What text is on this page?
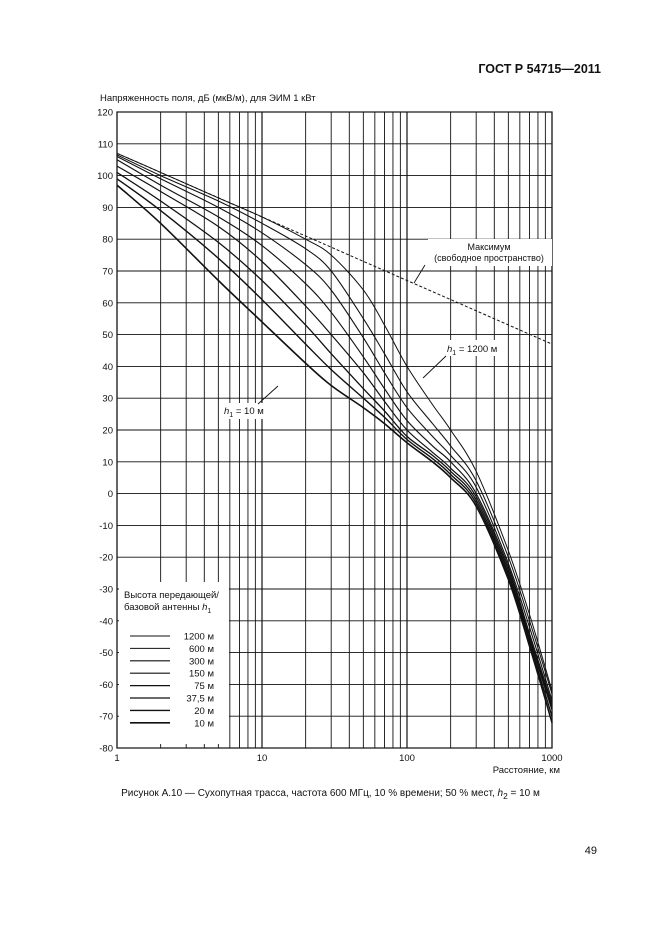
ГОСТ Р 54715—2011
Напряженность поля, дБ (мкВ/м), для ЭИМ 1 кВт
Расстояние, км
120
110
100
90
80
70
60
50
40
30
20
10
0
-10
-20
-30
-40
-50
-60
-70
-80
1	10	100	1000
Максимум
(свободное пространство)
$h_1 = 1200$ м
$h_1 = 10$ м
Высота передающей/
базовой антенны $h_1$
1200 м
600 м
300 м
150 м
75 м
37,5 м
20 м
10 м
Рисунок А.10 — Сухопутная трасса, частота 600 МГц, 10 % времени; 50 % мест, $h_2 = 10$ м
49
